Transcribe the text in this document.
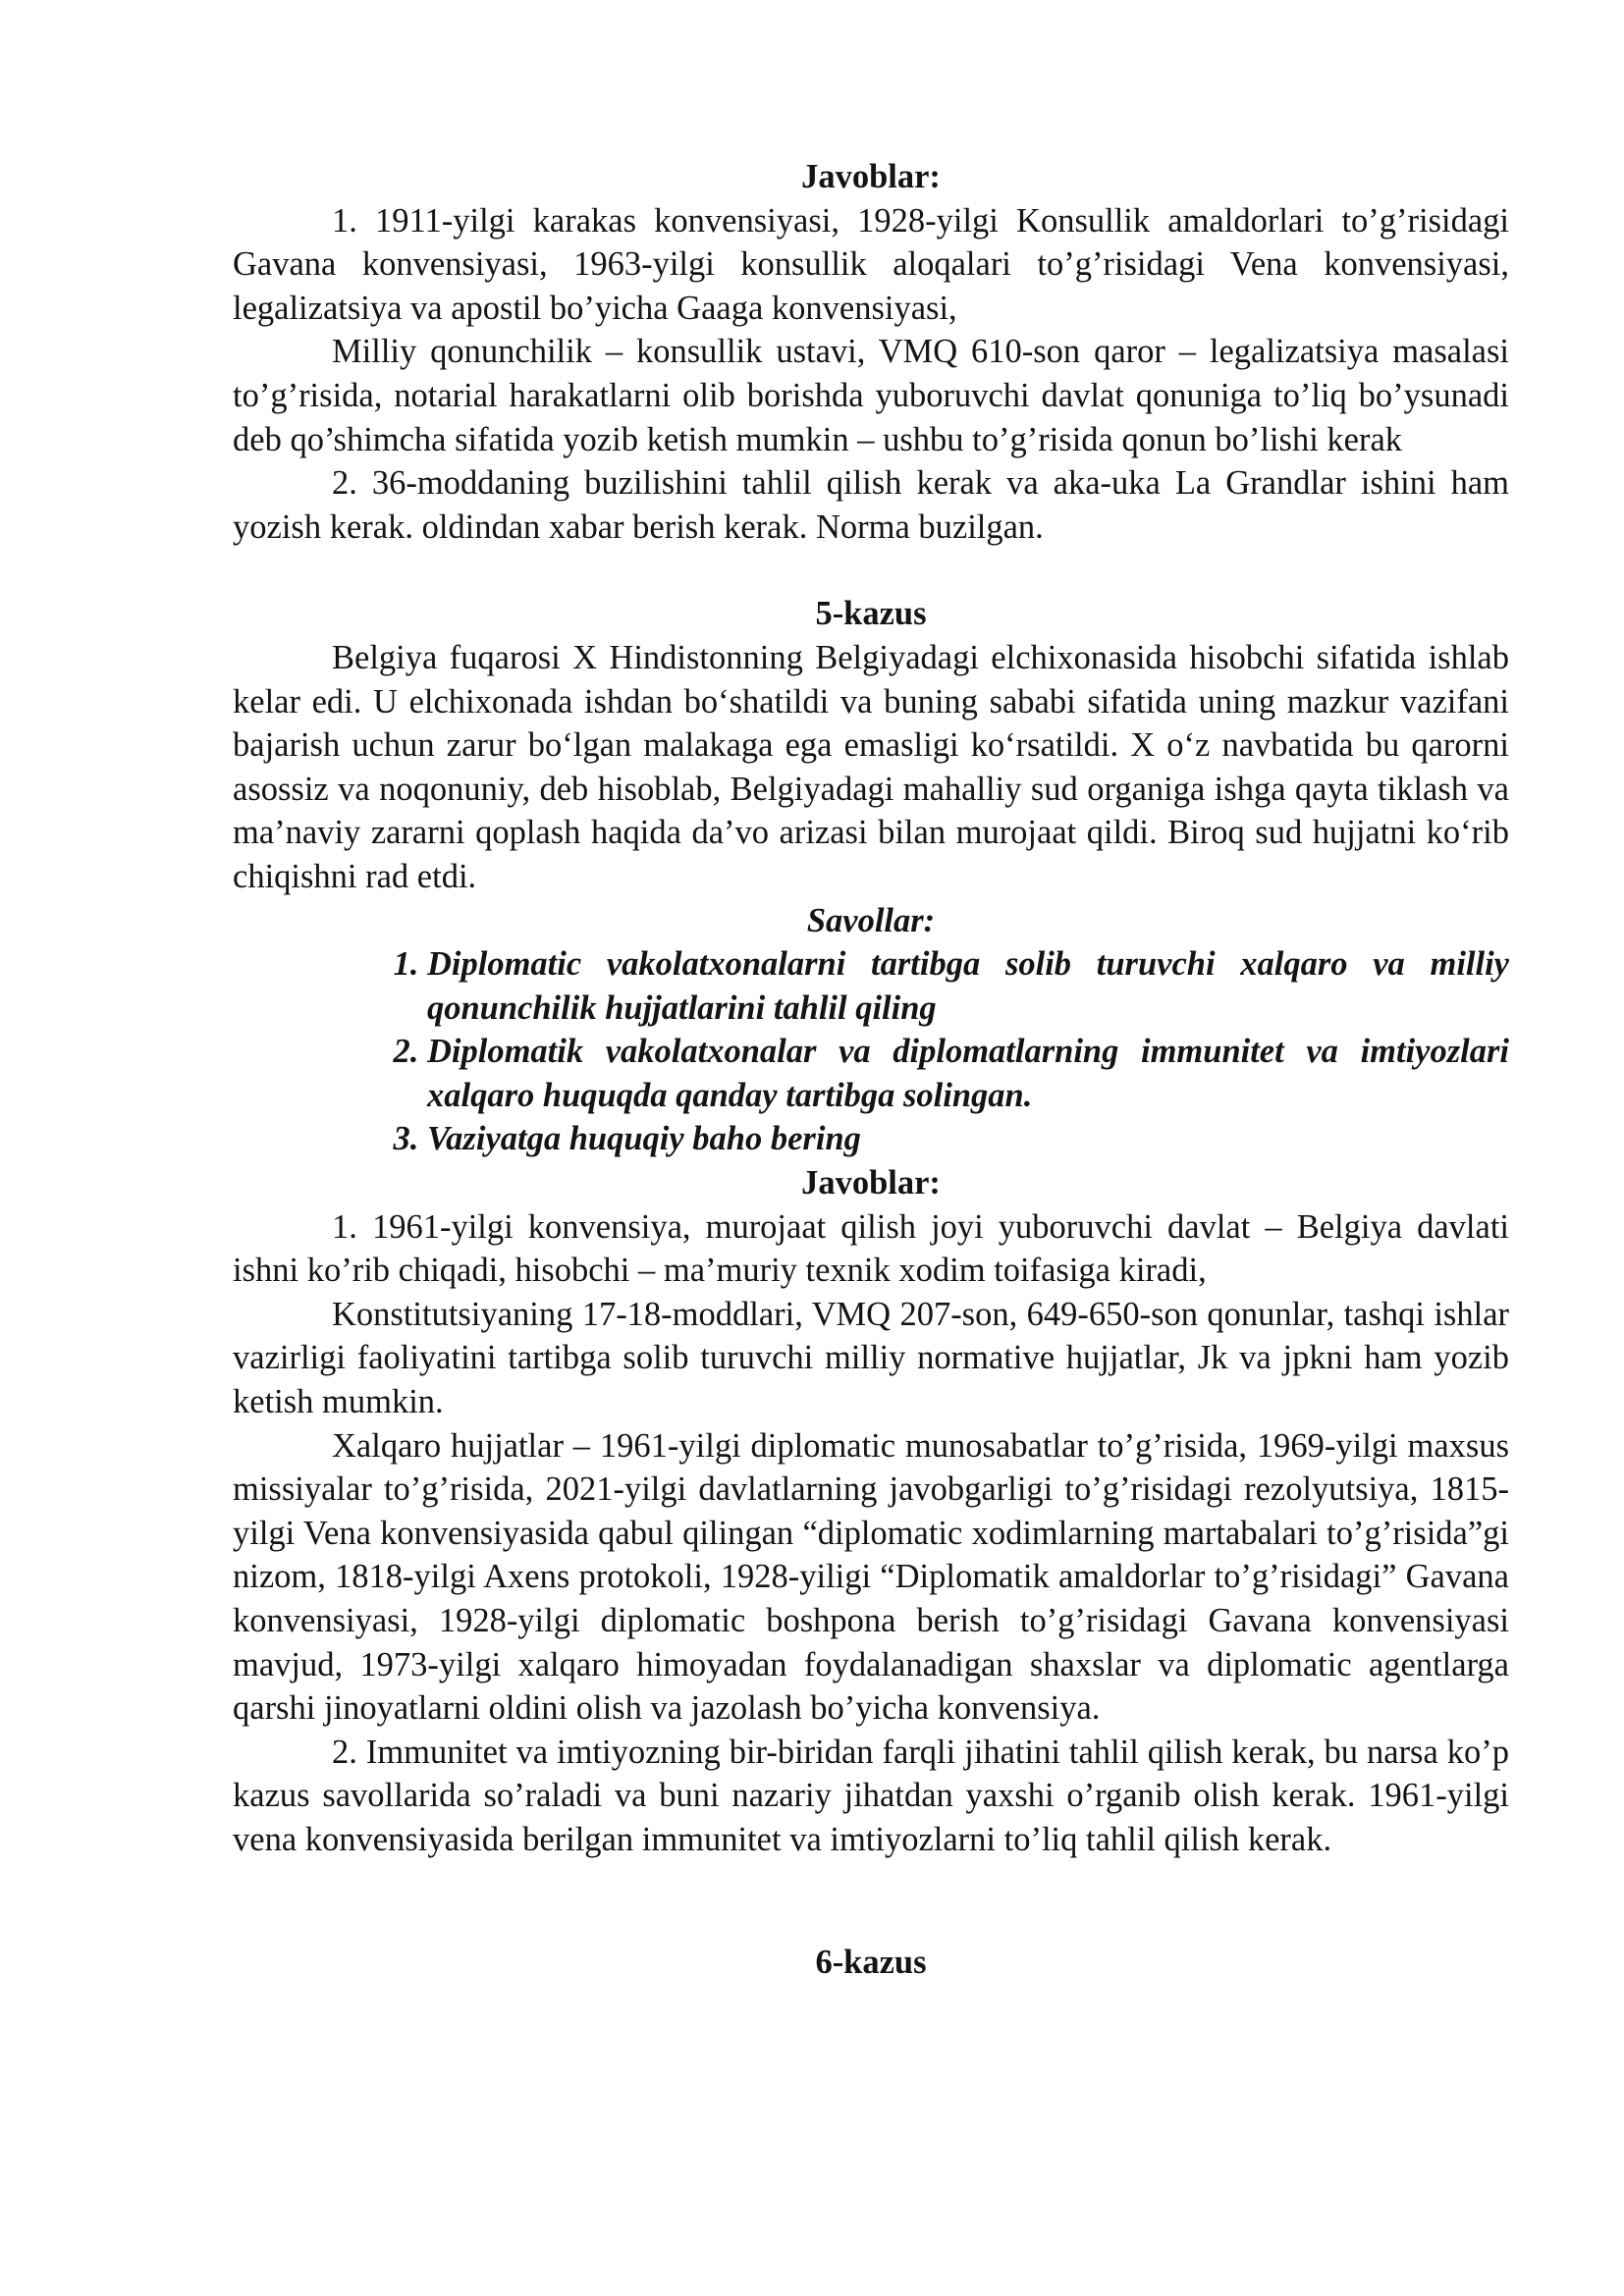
Javoblar:

1. 1911-yilgi karakas konvensiyasi, 1928-yilgi Konsullik amaldorlari to’g’risidagi Gavana konvensiyasi, 1963-yilgi konsullik aloqalari to’g’risidagi Vena konvensiyasi, legalizatsiya va apostil bo’yicha Gaaga konvensiyasi,

Milliy qonunchilik – konsullik ustavi, VMQ 610-son qaror – legalizatsiya masalasi to’g’risida, notarial harakatlarni olib borishda yuboruvchi davlat qonuniga to’liq bo’ysunadi deb qo’shimcha sifatida yozib ketish mumkin – ushbu to’g’risida qonun bo’lishi kerak

2. 36-moddaning buzilishini tahlil qilish kerak va aka-uka La Grandlar ishini ham yozish kerak. oldindan xabar berish kerak. Norma buzilgan.

5-kazus

Belgiya fuqarosi X Hindistonning Belgiyadagi elchixonasida hisobchi sifatida ishlab kelar edi. U elchixonada ishdan bo‘shatildi va buning sababi sifatida uning mazkur vazifani bajarish uchun zarur bo‘lgan malakaga ega emasligi ko‘rsatildi. X o‘z navbatida bu qarorni asossiz va noqonuniy, deb hisoblab, Belgiyadagi mahalliy sud organiga ishga qayta tiklash va ma’naviy zararni qoplash haqida da’vo arizasi bilan murojaat qildi. Biroq sud hujjatni ko‘rib chiqishni rad etdi.

Savollar:

1. Diplomatic vakolatxonalarni tartibga solib turuvchi xalqaro va milliy qonunchilik hujjatlarini tahlil qiling
2. Diplomatik vakolatxonalar va diplomatlarning immunitet va imtiyozlari xalqaro huquqda qanday tartibga solingan.
3. Vaziyatga huquqiy baho bering

Javoblar:

1. 1961-yilgi konvensiya, murojaat qilish joyi yuboruvchi davlat – Belgiya davlati ishni ko’rib chiqadi, hisobchi – ma’muriy texnik xodim toifasiga kiradi,

Konstitutsiyaning 17-18-moddlari, VMQ 207-son, 649-650-son qonunlar, tashqi ishlar vazirligi faoliyatini tartibga solib turuvchi milliy normative hujjatlar, Jk va jpkni ham yozib ketish mumkin.

Xalqaro hujjatlar – 1961-yilgi diplomatic munosabatlar to’g’risida, 1969-yilgi maxsus missiyalar to’g’risida, 2021-yilgi davlatlarning javobgarligi to’g’risidagi rezolyutsiya, 1815-yilgi Vena konvensiyasida qabul qilingan “diplomatic xodimlarning martabalari to’g’risida”gi nizom, 1818-yilgi Axens protokoli, 1928-yiligi “Diplomatik amaldorlar to’g’risidagi” Gavana konvensiyasi, 1928-yilgi diplomatic boshpona berish to’g’risidagi Gavana konvensiyasi mavjud, 1973-yilgi xalqaro himoyadan foydalanadigan shaxslar va diplomatic agentlarga qarshi jinoyatlarni oldini olish va jazolash bo’yicha konvensiya.

2. Immunitet va imtiyozning bir-biridan farqli jihatini tahlil qilish kerak, bu narsa ko’p kazus savollarida so’raladi va buni nazariy jihatdan yaxshi o’rganib olish kerak. 1961-yilgi vena konvensiyasida berilgan immunitet va imtiyozlarni to’liq tahlil qilish kerak.

6-kazus
